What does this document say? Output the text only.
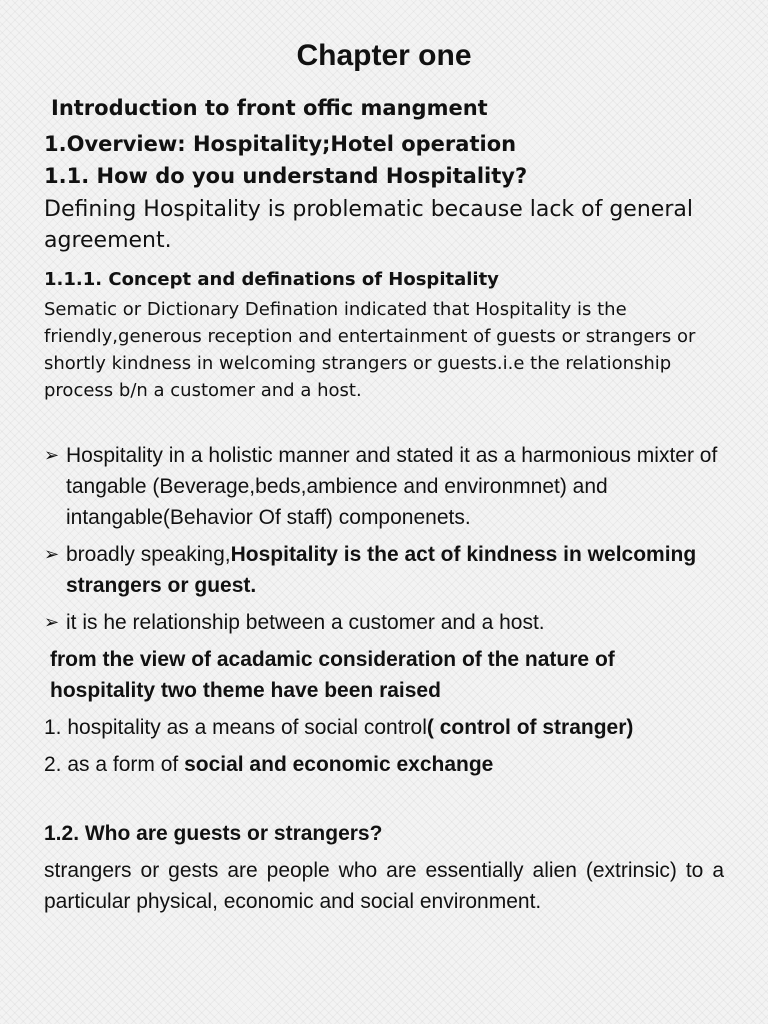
Chapter one

Introduction to front offic mangment

1.Overview: Hospitality;Hotel operation

1.1. How do you understand Hospitality?

Defining Hospitality is problematic because lack of general agreement.

1.1.1. Concept and definations of Hospitality

Sematic or Dictionary Defination indicated that Hospitality is the friendly,generous reception and entertainment of guests or strangers or shortly kindness in welcoming strangers or guests.i.e the relationship process b/n a customer and a host.

➢ Hospitality in a holistic manner and stated it as a harmonious mixter of tangable (Beverage,beds,ambience and environmnet) and intangable(Behavior Of staff) componenets.
➢ broadly speaking,Hospitality is the act of kindness in welcoming strangers or guest.
➢ it is he relationship between a customer and a host.

from the view of acadamic consideration of the nature of hospitality two theme have been raised

1. hospitality as a means of social control( control of stranger)

2. as a form of social and economic exchange

1.2. Who are guests or strangers?

strangers or gests are people who are essentially alien (extrinsic) to a particular physical, economic and social environment.
